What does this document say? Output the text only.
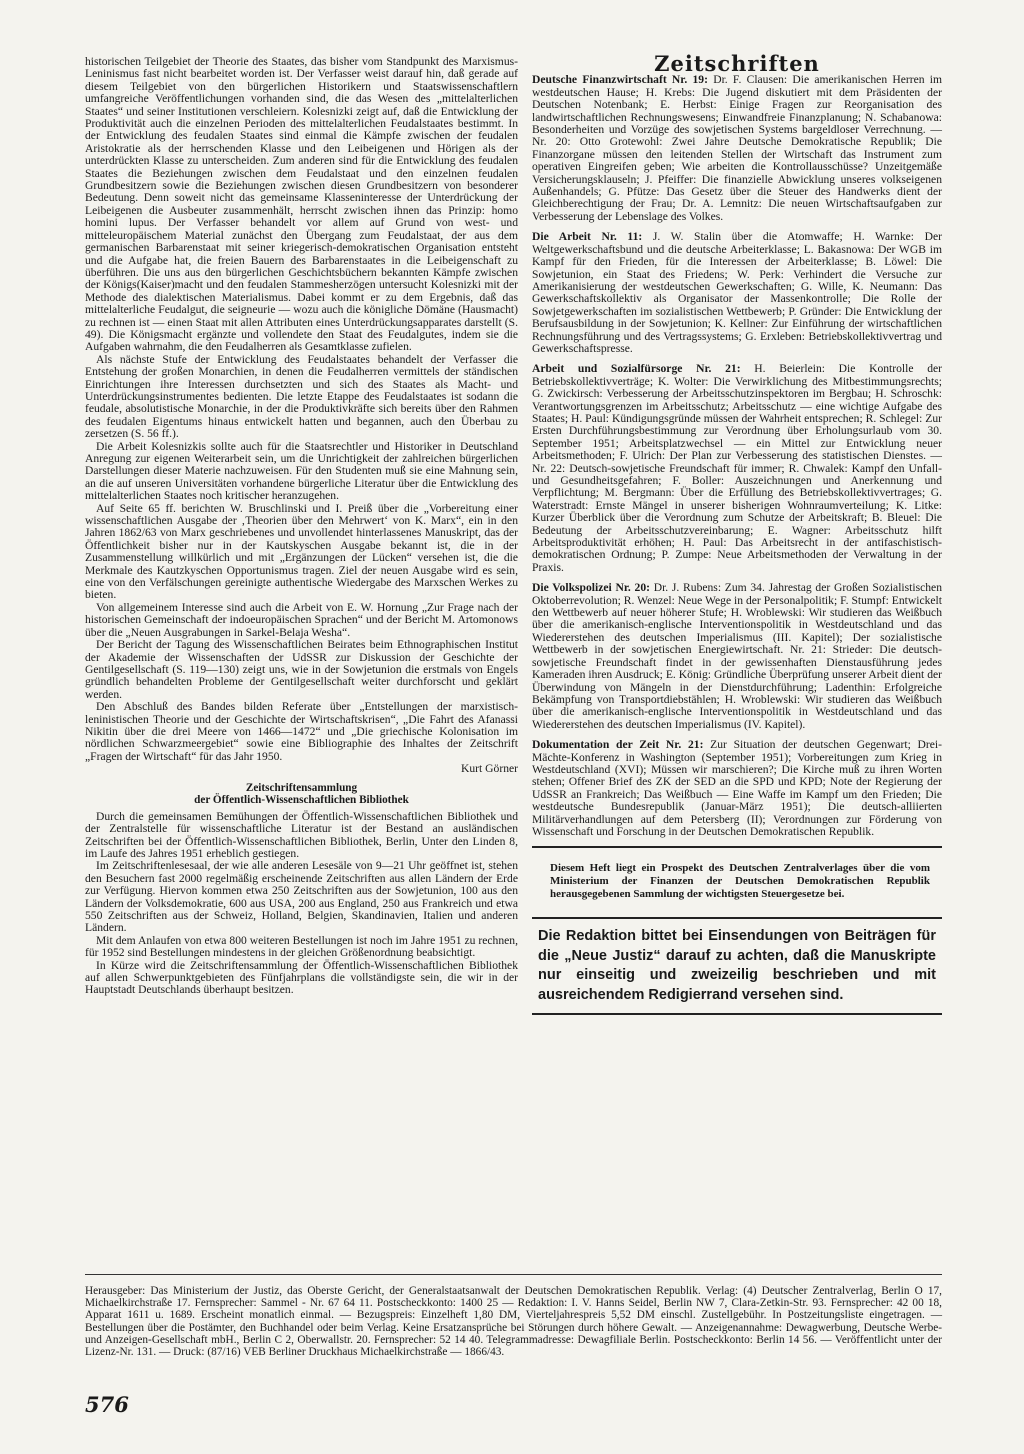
historischen Teilgebiet der Theorie des Staates, das bisher vom Standpunkt des Marxismus-Leninismus fast nicht bearbeitet worden ist. Der Verfasser weist darauf hin, daß gerade auf diesem Teilgebiet von den bürgerlichen Historikern und Staatswissenschaftlern umfangreiche Veröffentlichungen vorhanden sind, die das Wesen des „mittelalterlichen Staates“ und seiner Institutionen verschleiern. Kolesnizki zeigt auf, daß die Entwicklung der Produktivität auch die einzelnen Perioden des mittelalterlichen Feudalstaates bestimmt. In der Entwicklung des feudalen Staates sind einmal die Kämpfe zwischen der feudalen Aristokratie als der herrschenden Klasse und den Leibeigenen und Hörigen als der unterdrückten Klasse zu unterscheiden. Zum anderen sind für die Entwicklung des feudalen Staates die Beziehungen zwischen dem Feudalstaat und den einzelnen feudalen Grundbesitzern sowie die Beziehungen zwischen diesen Grundbesitzern von besonderer Bedeutung. Denn soweit nicht das gemeinsame Klasseninteresse der Unterdrückung der Leibeigenen die Ausbeuter zusammenhält, herrscht zwischen ihnen das Prinzip: homo homini lupus. Der Verfasser behandelt vor allem auf Grund von west- und mitteleuropäischem Material zunächst den Übergang zum Feudalstaat, der aus dem germanischen Barbarenstaat mit seiner kriegerisch-demokratischen Organisation entsteht und die Aufgabe hat, die freien Bauern des Barbarenstaates in die Leibeigenschaft zu überführen. Die uns aus den bürgerlichen Geschichtsbüchern bekannten Kämpfe zwischen der Königs(Kaiser)macht und den feudalen Stammesherzögen untersucht Kolesnizki mit der Methode des dialektischen Materialismus. Dabei kommt er zu dem Ergebnis, daß das mittelalterliche Feudalgut, die seigneurie — wozu auch die königliche Dömäne (Hausmacht) zu rechnen ist — einen Staat mit allen Attributen eines Unterdrückungsapparates darstellt (S. 49). Die Königsmacht ergänzte und vollendete den Staat des Feudalgutes, indem sie die Aufgaben wahrnahm, die den Feudalherren als Gesamtklasse zufielen.

Als nächste Stufe der Entwicklung des Feudalstaates behandelt der Verfasser die Entstehung der großen Monarchien, in denen die Feudalherren vermittels der ständischen Einrichtungen ihre Interessen durchsetzten und sich des Staates als Macht- und Unterdrückungsinstrumentes bedienten. Die letzte Etappe des Feudalstaates ist sodann die feudale, absolutistische Monarchie, in der die Produktivkräfte sich bereits über den Rahmen des feudalen Eigentums hinaus entwickelt hatten und begannen, auch den Überbau zu zersetzen (S. 56 ff.).

Die Arbeit Kolesnizkis sollte auch für die Staatsrechtler und Historiker in Deutschland Anregung zur eigenen Weiterarbeit sein, um die Unrichtigkeit der zahlreichen bürgerlichen Darstellungen dieser Materie nachzuweisen. Für den Studenten muß sie eine Mahnung sein, an die auf unseren Universitäten vorhandene bürgerliche Literatur über die Entwicklung des mittelalterlichen Staates noch kritischer heranzugehen.

Auf Seite 65 ff. berichten W. Bruschlinski und I. Preiß über die „Vorbereitung einer wissenschaftlichen Ausgabe der ‚Theorien über den Mehrwert‘ von K. Marx“, ein in den Jahren 1862/63 von Marx geschriebenes und unvollendet hinterlassenes Manuskript, das der Öffentlichkeit bisher nur in der Kautskyschen Ausgabe bekannt ist, die in der Zusammenstellung willkürlich und mit „Ergänzungen der Lücken“ versehen ist, die die Merkmale des Kautzkyschen Opportunismus tragen. Ziel der neuen Ausgabe wird es sein, eine von den Verfälschungen gereinigte authentische Wiedergabe des Marxschen Werkes zu bieten.

Von allgemeinem Interesse sind auch die Arbeit von E. W. Hornung „Zur Frage nach der historischen Gemeinschaft der indoeuropäischen Sprachen“ und der Bericht M. Artomonows über die „Neuen Ausgrabungen in Sarkel-Belaja Wesha“.

Der Bericht der Tagung des Wissenschaftlichen Beirates beim Ethnographischen Institut der Akademie der Wissenschaften der UdSSR zur Diskussion der Geschichte der Gentilgesellschaft (S. 119—130) zeigt uns, wie in der Sowjetunion die erstmals von Engels gründlich behandelten Probleme der Gentilgesellschaft weiter durchforscht und geklärt werden.

Den Abschluß des Bandes bilden Referate über „Entstellungen der marxistisch-leninistischen Theorie und der Geschichte der Wirtschaftskrisen“, „Die Fahrt des Afanassi Nikitin über die drei Meere von 1466—1472“ und „Die griechische Kolonisation im nördlichen Schwarzmeergebiet“ sowie eine Bibliographie des Inhaltes der Zeitschrift „Fragen der Wirtschaft“ für das Jahr 1950.

Kurt Görner
Zeitschriftensammlung
der Öffentlich-Wissenschaftlichen Bibliothek

Durch die gemeinsamen Bemühungen der Öffentlich-Wissenschaftlichen Bibliothek und der Zentralstelle für wissenschaftliche Literatur ist der Bestand an ausländischen Zeitschriften bei der Öffentlich-Wissenschaftlichen Bibliothek, Berlin, Unter den Linden 8, im Laufe des Jahres 1951 erheblich gestiegen.

Im Zeitschriftenlesesaal, der wie alle anderen Lesesäle von 9—21 Uhr geöffnet ist, stehen den Besuchern fast 2000 regelmäßig erscheinende Zeitschriften aus allen Ländern der Erde zur Verfügung. Hiervon kommen etwa 250 Zeitschriften aus der Sowjetunion, 100 aus den Ländern der Volksdemokratie, 600 aus USA, 200 aus England, 250 aus Frankreich und etwa 550 Zeitschriften aus der Schweiz, Holland, Belgien, Skandinavien, Italien und anderen Ländern.

Mit dem Anlaufen von etwa 800 weiteren Bestellungen ist noch im Jahre 1951 zu rechnen, für 1952 sind Bestellungen mindestens in der gleichen Größenordnung beabsichtigt.

In Kürze wird die Zeitschriftensammlung der Öffentlich-Wissenschaftlichen Bibliothek auf allen Schwerpunktgebieten des Fünfjahrplans die vollständigste sein, die wir in der Hauptstadt Deutschlands überhaupt besitzen.

Zeitschriften
Deutsche Finanzwirtschaft Nr. 19: Dr. F. Clausen: Die amerikanischen Herren im westdeutschen Hause; H. Krebs: Die Jugend diskutiert mit dem Präsidenten der Deutschen Notenbank; E. Herbst: Einige Fragen zur Reorganisation des landwirtschaftlichen Rechnungswesens; Einwandfreie Finanzplanung; N. Schabanowa: Besonderheiten und Vorzüge des sowjetischen Systems bargeldloser Verrechnung. — Nr. 20: Otto Grotewohl: Zwei Jahre Deutsche Demokratische Republik; Die Finanzorgane müssen den leitenden Stellen der Wirtschaft das Instrument zum operativen Eingreifen geben; Wie arbeiten die Kontrollausschüsse? Unzeitgemäße Versicherungsklauseln; J. Pfeiffer: Die finanzielle Abwicklung unseres volkseigenen Außenhandels; G. Pfütze: Das Gesetz über die Steuer des Handwerks dient der Gleichberechtigung der Frau; Dr. A. Lemnitz: Die neuen Wirtschaftsaufgaben zur Verbesserung der Lebenslage des Volkes.
Die Arbeit Nr. 11: J. W. Stalin über die Atomwaffe; H. Warnke: Der Weltgewerkschaftsbund und die deutsche Arbeiterklasse; L. Bakasnowa: Der WGB im Kampf für den Frieden, für die Interessen der Arbeiterklasse; B. Löwel: Die Sowjetunion, ein Staat des Friedens; W. Perk: Verhindert die Versuche zur Amerikanisierung der westdeutschen Gewerkschaften; G. Wille, K. Neumann: Das Gewerkschaftskollektiv als Organisator der Massenkontrolle; Die Rolle der Sowjetgewerkschaften im sozialistischen Wettbewerb; P. Gründer: Die Entwicklung der Berufsausbildung in der Sowjetunion; K. Kellner: Zur Einführung der wirtschaftlichen Rechnungsführung und des Vertragssystems; G. Erxleben: Betriebskollektivvertrag und Gewerkschaftspresse.
Arbeit und Sozialfürsorge Nr. 21: H. Beierlein: Die Kontrolle der Betriebskollektivverträge; K. Wolter: Die Verwirklichung des Mitbestimmungsrechts; G. Zwickirsch: Verbesserung der Arbeitsschutzinspektoren im Bergbau; H. Schroschk: Verantwortungsgrenzen im Arbeitsschutz; Arbeitsschutz — eine wichtige Aufgabe des Staates; H. Paul: Kündigungsgründe müssen der Wahrheit entsprechen; R. Schlegel: Zur Ersten Durchführungsbestimmung zur Verordnung über Erholungsurlaub vom 30. September 1951; Arbeitsplatzwechsel — ein Mittel zur Entwicklung neuer Arbeitsmethoden; F. Ulrich: Der Plan zur Verbesserung des statistischen Dienstes. — Nr. 22: Deutsch-sowjetische Freundschaft für immer; R. Chwalek: Kampf den Unfall- und Gesundheitsgefahren; F. Boller: Auszeichnungen und Anerkennung und Verpflichtung; M. Bergmann: Über die Erfüllung des Betriebskollektivvertrages; G. Waterstradt: Ernste Mängel in unserer bisherigen Wohnraumverteilung; K. Litke: Kurzer Überblick über die Verordnung zum Schutze der Arbeitskraft; B. Bleuel: Die Bedeutung der Arbeitsschutzvereinbarung; E. Wagner: Arbeitsschutz hilft Arbeitsproduktivität erhöhen; H. Paul: Das Arbeitsrecht in der antifaschistisch-demokratischen Ordnung; P. Zumpe: Neue Arbeitsmethoden der Verwaltung in der Praxis.
Die Volkspolizei Nr. 20: Dr. J. Rubens: Zum 34. Jahrestag der Großen Sozialistischen Oktoberrevolution; R. Wenzel: Neue Wege in der Personalpolitik; F. Stumpf: Entwickelt den Wettbewerb auf neuer höherer Stufe; H. Wroblewski: Wir studieren das Weißbuch über die amerikanisch-englische Interventionspolitik in Westdeutschland und das Wiedererstehen des deutschen Imperialismus (III. Kapitel); Der sozialistische Wettbewerb in der sowjetischen Energiewirtschaft. Nr. 21: Strieder: Die deutsch-sowjetische Freundschaft findet in der gewissenhaften Dienstausführung jedes Kameraden ihren Ausdruck; E. König: Gründliche Überprüfung unserer Arbeit dient der Überwindung von Mängeln in der Dienstdurchführung; Ladenthin: Erfolgreiche Bekämpfung von Transportdiebstählen; H. Wroblewski: Wir studieren das Weißbuch über die amerikanisch-englische Interventionspolitik in Westdeutschland und das Wiedererstehen des deutschen Imperialismus (IV. Kapitel).
Dokumentation der Zeit Nr. 21: Zur Situation der deutschen Gegenwart; Drei-Mächte-Konferenz in Washington (September 1951); Vorbereitungen zum Krieg in Westdeutschland (XVI); Müssen wir marschieren?; Die Kirche muß zu ihren Worten stehen; Offener Brief des ZK der SED an die SPD und KPD; Note der Regierung der UdSSR an Frankreich; Das Weißbuch — Eine Waffe im Kampf um den Frieden; Die westdeutsche Bundesrepublik (Januar-März 1951); Die deutsch-alliierten Militärverhandlungen auf dem Petersberg (II); Verordnungen zur Förderung von Wissenschaft und Forschung in der Deutschen Demokratischen Republik.
Diesem Heft liegt ein Prospekt des Deutschen Zentralverlages über die vom Ministerium der Finanzen der Deutschen Demokratischen Republik herausgegebenen Sammlung der wichtigsten Steuergesetze bei.
Die Redaktion bittet bei Einsendungen von Beiträgen für die „Neue Justiz“ darauf zu achten, daß die Manuskripte nur einseitig und zweizeilig beschrieben und mit ausreichendem Redigierrand versehen sind.
Herausgeber: Das Ministerium der Justiz, das Oberste Gericht, der Generalstaatsanwalt der Deutschen Demokratischen Republik. Verlag: (4) Deutscher Zentralverlag, Berlin O 17, Michaelkirchstraße 17. Fernsprecher: Sammel - Nr. 67 64 11. Postscheckkonto: 1400 25 — Redaktion: I. V. Hanns Seidel, Berlin NW 7, Clara-Zetkin-Str. 93. Fernsprecher: 42 00 18, Apparat 1611 u. 1689. Erscheint monatlich einmal. — Bezugspreis: Einzelheft 1,80 DM, Vierteljahrespreis 5,52 DM einschl. Zustellgebühr. In Postzeitungsliste eingetragen. — Bestellungen über die Postämter, den Buchhandel oder beim Verlag. Keine Ersatzansprüche bei Störungen durch höhere Gewalt. — Anzeigenannahme: Dewagwerbung, Deutsche Werbe- und Anzeigen-Gesellschaft mbH., Berlin C 2, Oberwallstr. 20. Fernsprecher: 52 14 40. Telegrammadresse: Dewagfiliale Berlin. Postscheckkonto: Berlin 14 56. — Veröffentlicht unter der Lizenz-Nr. 131. — Druck: (87/16) VEB Berliner Druckhaus Michaelkirchstraße — 1866/43.
576
